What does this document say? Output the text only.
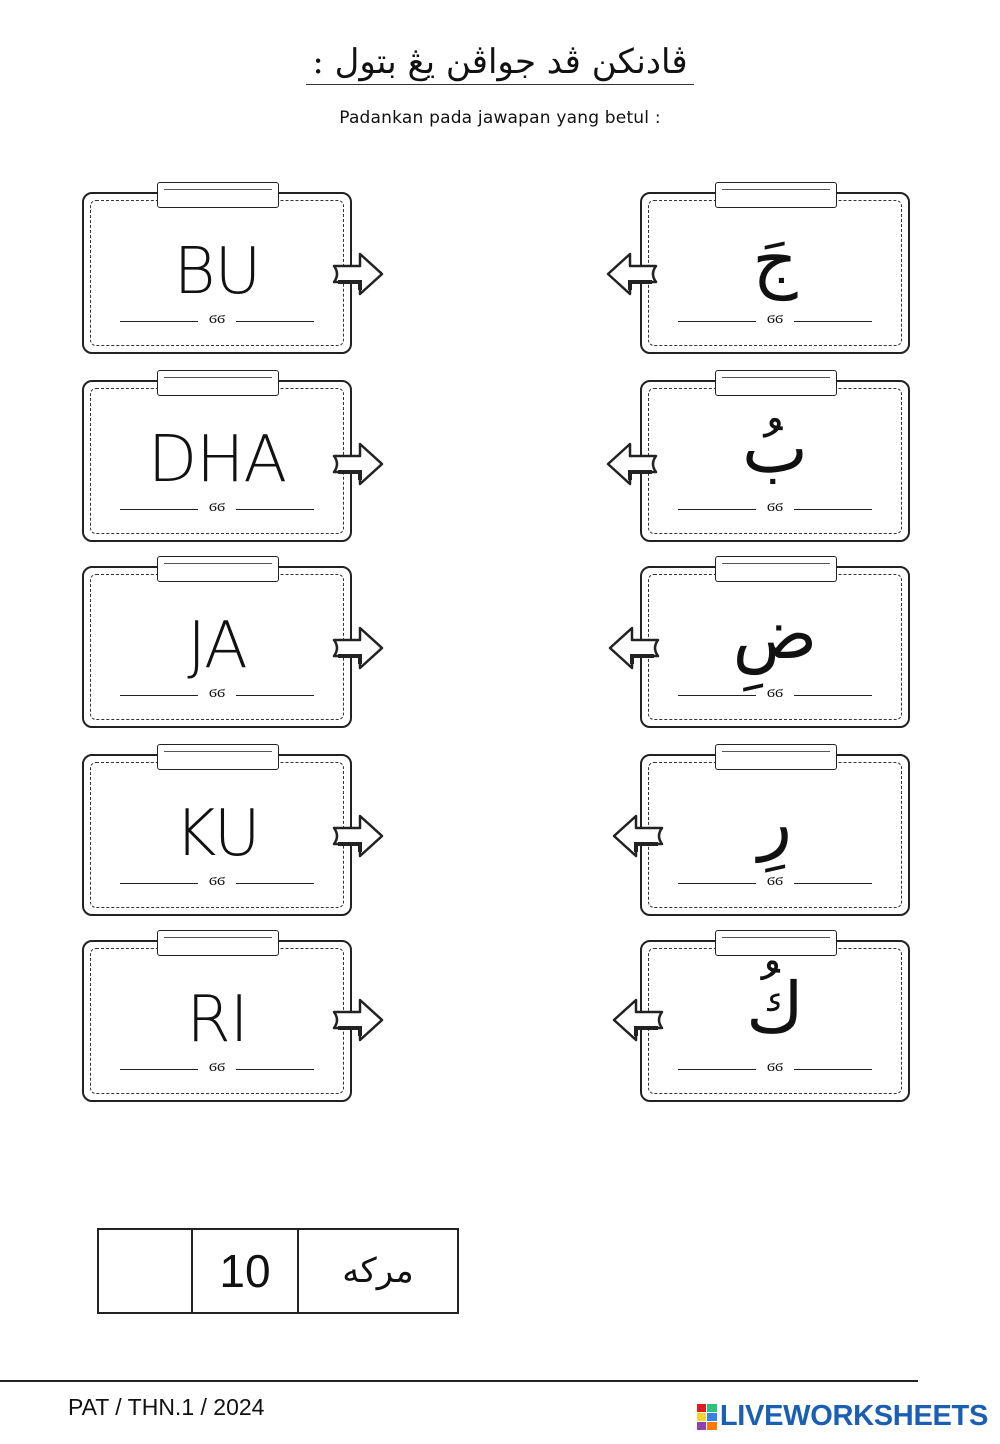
ڤادنكن ڤد جواڤن يڠ بتول :
Padankan pada jawapan yang betul :
BU
ϭϭ
DHA
ϭϭ
JA
ϭϭ
KU
ϭϭ
RI
ϭϭ
جَ
ϭϭ
بُ
ϭϭ
ضِ
ϭϭ
رِ
ϭϭ
كُ
ϭϭ
	10	مركه
PAT / THN.1 / 2024	LIVEWORKSHEETS
